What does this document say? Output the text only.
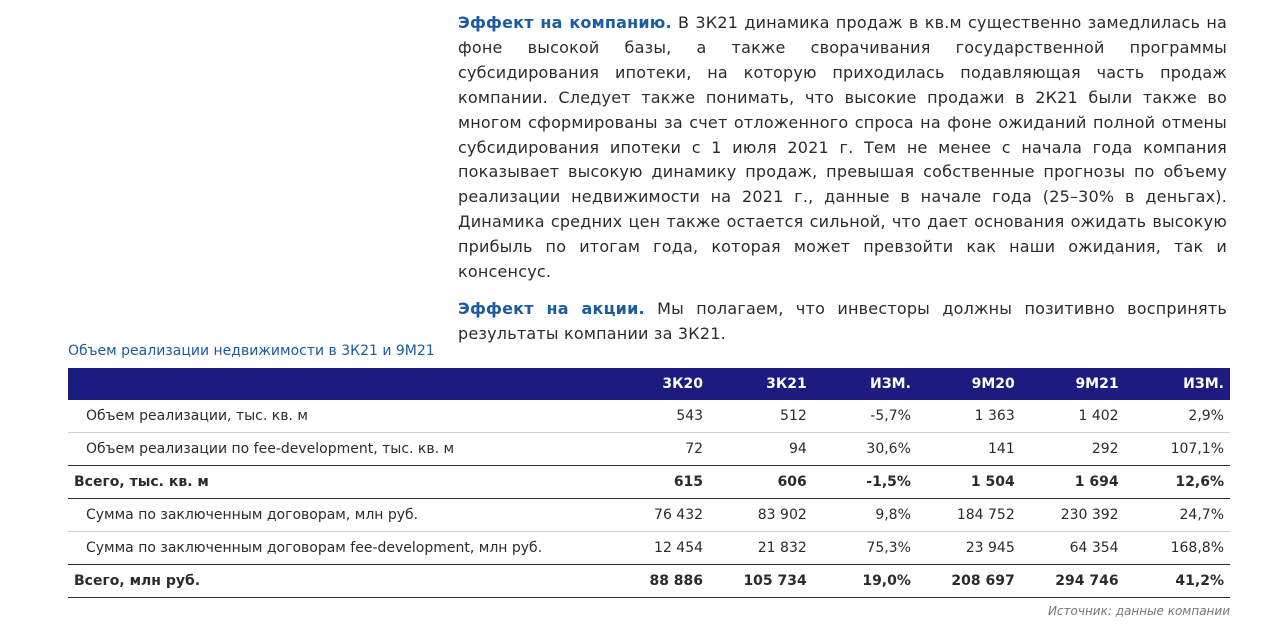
Эффект на компанию. В 3К21 динамика продаж в кв.м существенно замедлилась на фоне высокой базы, а также сворачивания государственной программы субсидирования ипотеки, на которую приходилась подавляющая часть продаж компании. Следует также понимать, что высокие продажи в 2К21 были также во многом сформированы за счет отложенного спроса на фоне ожиданий полной отмены субсидирования ипотеки с 1 июля 2021 г. Тем не менее с начала года компания показывает высокую динамику продаж, превышая собственные прогнозы по объему реализации недвижимости на 2021 г., данные в начале года (25–30% в деньгах). Динамика средних цен также остается сильной, что дает основания ожидать высокую прибыль по итогам года, которая может превзойти как наши ожидания, так и консенсус.

Эффект на акции. Мы полагаем, что инвесторы должны позитивно воспринять результаты компании за 3К21.

Объем реализации недвижимости в 3К21 и 9М21
	3К20	3К21	ИЗМ.	9М20	9М21	ИЗМ.
Объем реализации, тыс. кв. м	543	512	-5,7%	1 363	1 402	2,9%
Объем реализации по fee-development, тыс. кв. м	72	94	30,6%	141	292	107,1%
Всего, тыс. кв. м	615	606	-1,5%	1 504	1 694	12,6%
Сумма по заключенным договорам, млн руб.	76 432	83 902	9,8%	184 752	230 392	24,7%
Сумма по заключенным договорам fee-development, млн руб.	12 454	21 832	75,3%	23 945	64 354	168,8%
Всего, млн руб.	88 886	105 734	19,0%	208 697	294 746	41,2%
Источник: данные компании
